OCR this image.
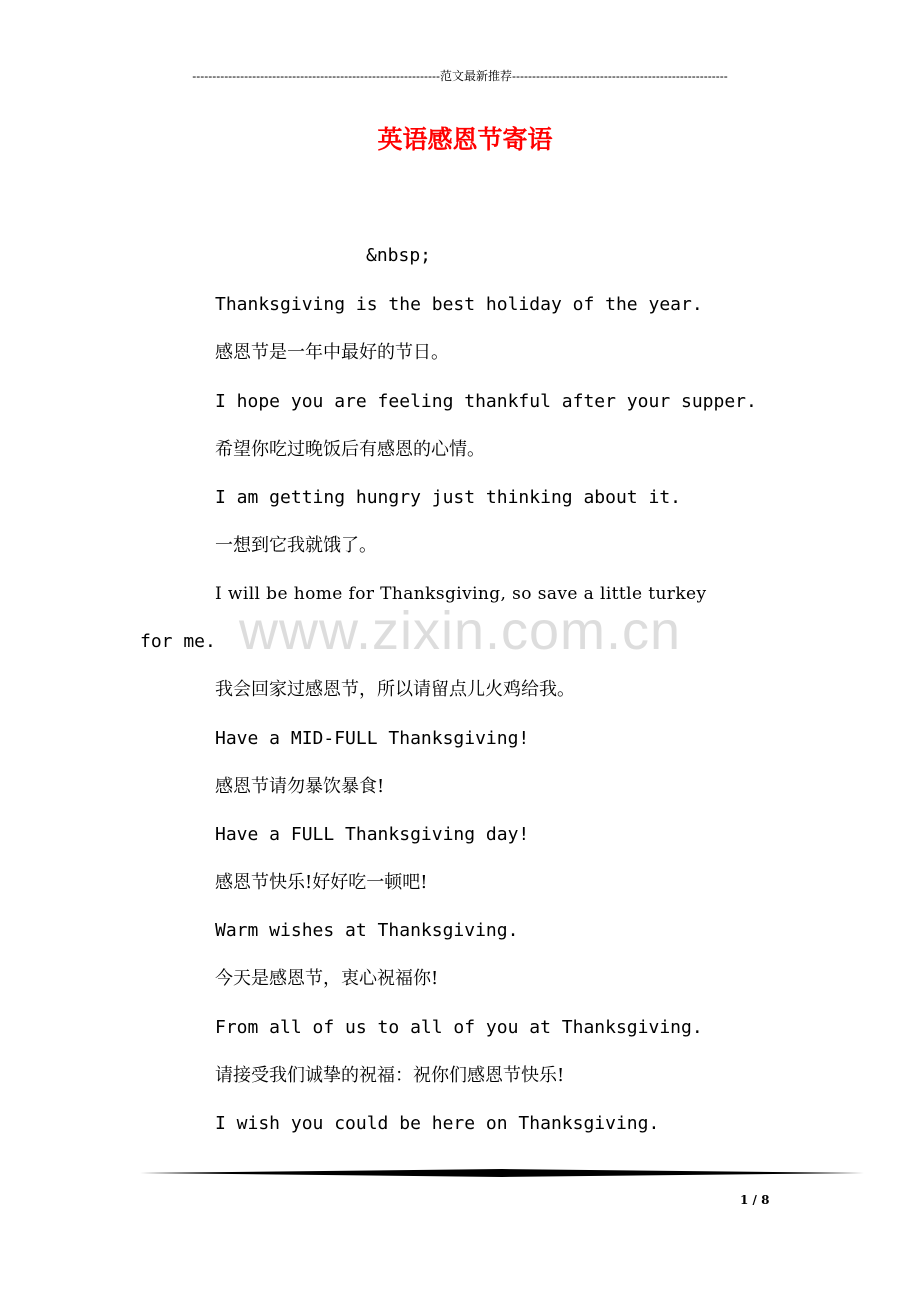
--------------------------------------------------------------范文最新推荐------------------------------------------------------
英语感恩节寄语
&nbsp;
Thanksgiving is the best holiday of the year.
感恩节是一年中最好的节日。
I hope you are feeling thankful after your supper.
希望你吃过晚饭后有感恩的心情。
I am getting hungry just thinking about it.
一想到它我就饿了。
I will be home for Thanksgiving, so save a little turkey
for me.
我会回家过感恩节，所以请留点儿火鸡给我。
Have a MID-FULL Thanksgiving!
感恩节请勿暴饮暴食!
Have a FULL Thanksgiving day!
感恩节快乐!好好吃一顿吧!
Warm wishes at Thanksgiving.
今天是感恩节，衷心祝福你!
From all of us to all of you at Thanksgiving.
请接受我们诚挚的祝福：祝你们感恩节快乐!
I wish you could be here on Thanksgiving.
www.zixin.com.cn
1 / 8
